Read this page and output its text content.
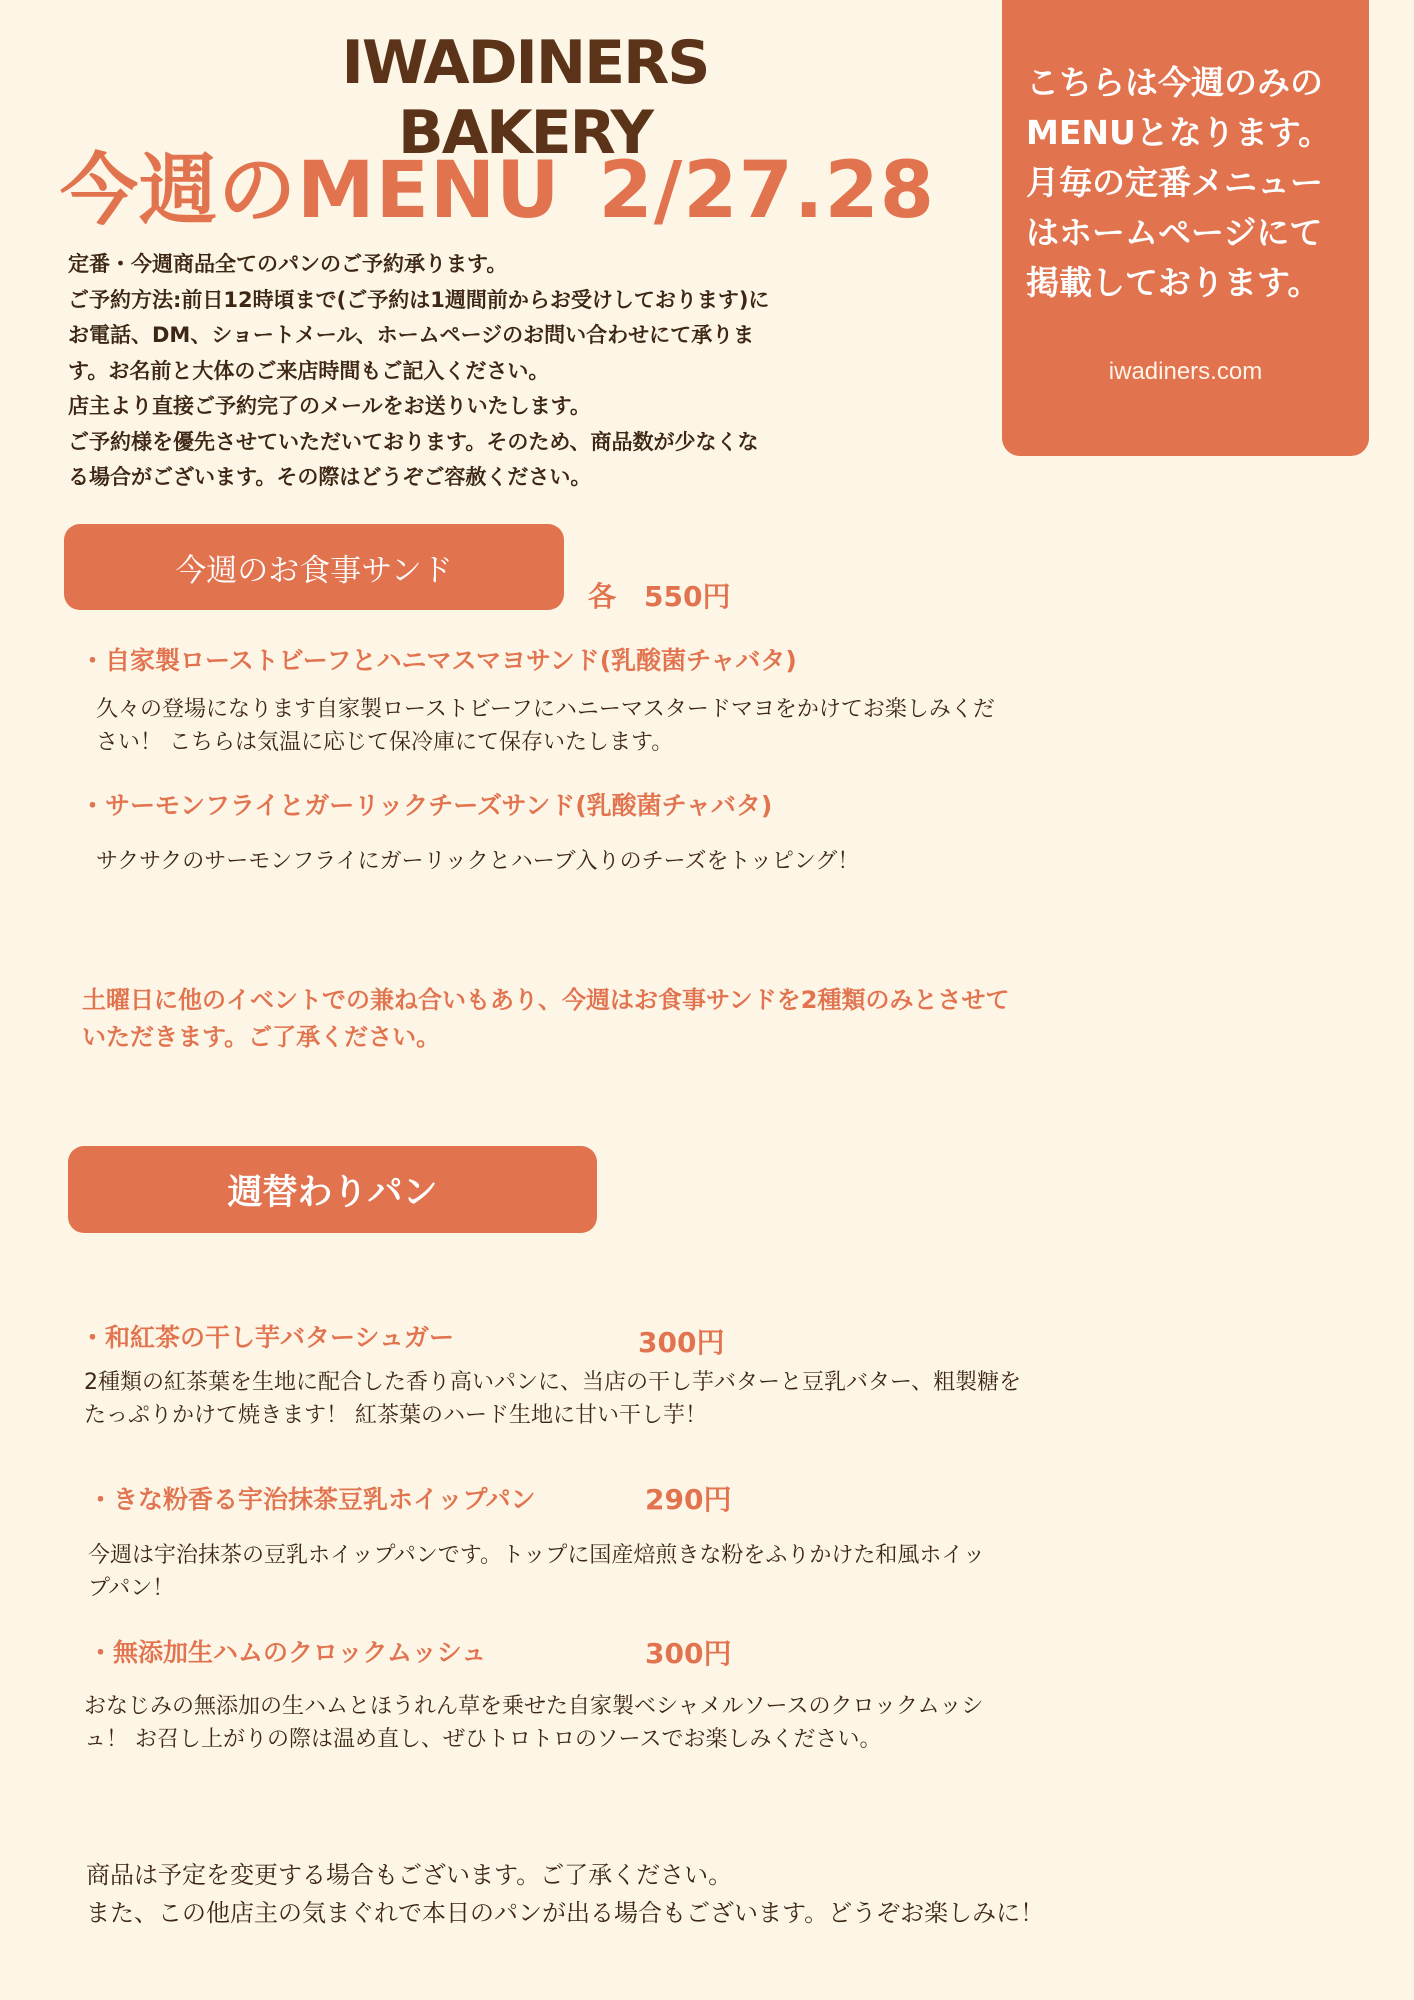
IWADINERS BAKERY
今週のMENU 2/27.28

定番・今週商品全てのパンのご予約承ります。

ご予約方法:前日12時頃まで(ご予約は1週間前からお受けしております)に

お電話、DM、ショートメール、ホームページのお問い合わせにて承りま

す。お名前と大体のご来店時間もご記入ください。

店主より直接ご予約完了のメールをお送りいたします。

ご予約様を優先させていただいております。そのため、商品数が少なくな

る場合がございます。その際はどうぞご容赦ください。

こちらは今週のみの

MENUとなります。

月毎の定番メニュー

はホームページにて

掲載しております。

iwadiners.com
今週のお食事サンド
各　550円
・自家製ローストビーフとハニマスマヨサンド(乳酸菌チャバタ)

久々の登場になります自家製ローストビーフにハニーマスタードマヨをかけてお楽しみくだ

さい！ こちらは気温に応じて保冷庫にて保存いたします。

・サーモンフライとガーリックチーズサンド(乳酸菌チャバタ)

サクサクのサーモンフライにガーリックとハーブ入りのチーズをトッピング！

土曜日に他のイベントでの兼ね合いもあり、今週はお食事サンドを2種類のみとさせて

いただきます。ご了承ください。

週替わりパン
・和紅茶の干し芋バターシュガー	300円

2種類の紅茶葉を生地に配合した香り高いパンに、当店の干し芋バターと豆乳バター、粗製糖を

たっぷりかけて焼きます！ 紅茶葉のハード生地に甘い干し芋！

・きな粉香る宇治抹茶豆乳ホイップパン	290円

今週は宇治抹茶の豆乳ホイップパンです。トップに国産焙煎きな粉をふりかけた和風ホイッ

プパン！

・無添加生ハムのクロックムッシュ	300円

おなじみの無添加の生ハムとほうれん草を乗せた自家製ベシャメルソースのクロックムッシ

ュ！ お召し上がりの際は温め直し、ぜひトロトロのソースでお楽しみください。

商品は予定を変更する場合もございます。ご了承ください。

また、この他店主の気まぐれで本日のパンが出る場合もございます。どうぞお楽しみに！
